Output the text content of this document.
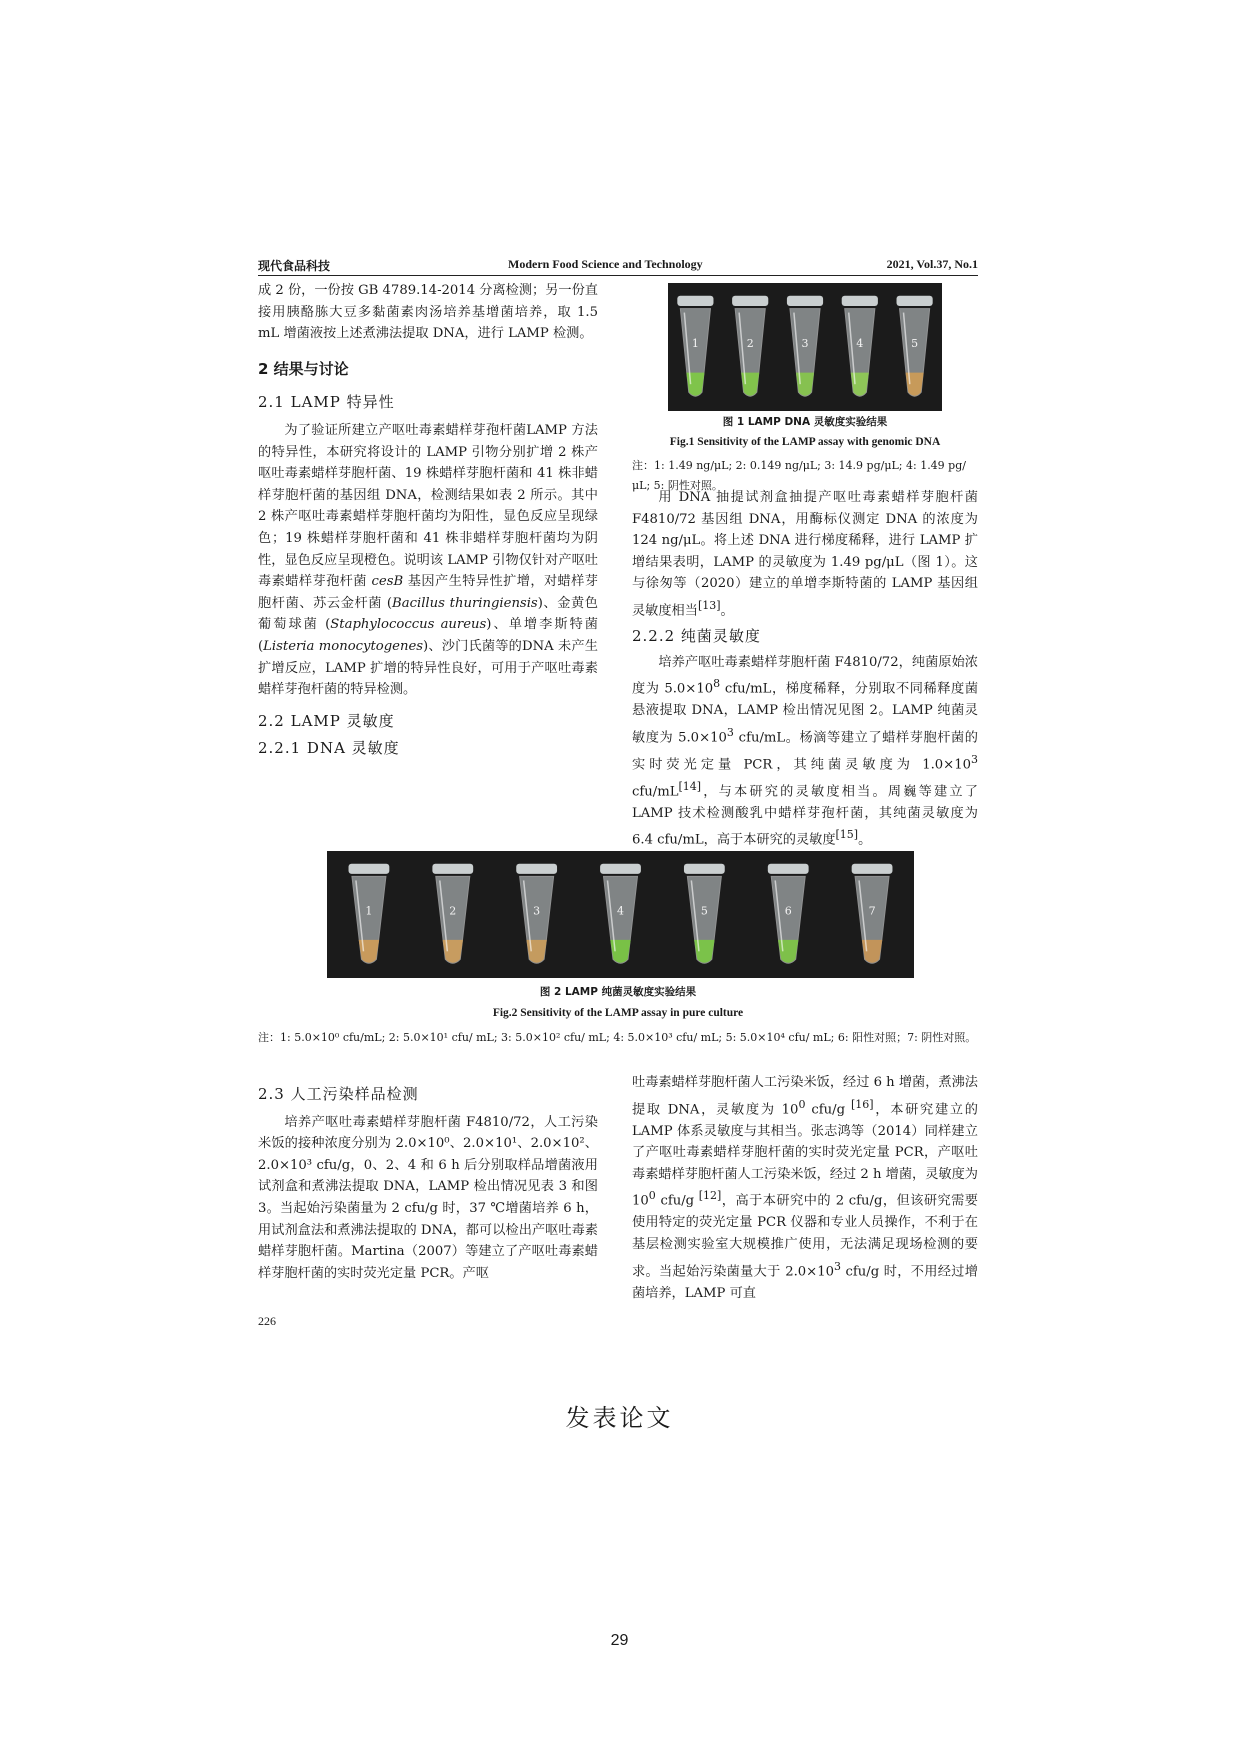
现代食品科技	Modern Food Science and Technology	2021, Vol.37, No.1

成 2 份，一份按 GB 4789.14-2014 分离检测；另一份直接用胰酪胨大豆多黏菌素肉汤培养基增菌培养，取 1.5 mL 增菌液按上述煮沸法提取 DNA，进行 LAMP 检测。

2 结果与讨论
2.1 LAMP 特异性

为了验证所建立产呕吐毒素蜡样芽孢杆菌LAMP 方法的特异性，本研究将设计的 LAMP 引物分别扩增 2 株产呕吐毒素蜡样芽胞杆菌、19 株蜡样芽胞杆菌和 41 株非蜡样芽胞杆菌的基因组 DNA，检测结果如表 2 所示。其中 2 株产呕吐毒素蜡样芽胞杆菌均为阳性，显色反应呈现绿色；19 株蜡样芽胞杆菌和 41 株非蜡样芽胞杆菌均为阴性，显色反应呈现橙色。说明该 LAMP 引物仅针对产呕吐毒素蜡样芽孢杆菌 cesB 基因产生特异性扩增，对蜡样芽胞杆菌、苏云金杆菌 (Bacillus thuringiensis)、金黄色葡萄球菌 (Staphylococcus aureus)、单增李斯特菌 (Listeria monocytogenes)、沙门氏菌等的DNA 未产生扩增反应，LAMP 扩增的特异性良好，可用于产呕吐毒素蜡样芽孢杆菌的特异检测。

2.2 LAMP 灵敏度
2.2.1 DNA 灵敏度
1	2	3	4	5
图 1 LAMP DNA 灵敏度实验结果
Fig.1 Sensitivity of the LAMP assay with genomic DNA
注：1: 1.49 ng/μL; 2: 0.149 ng/μL; 3: 14.9 pg/μL; 4: 1.49 pg/μL; 5: 阴性对照。

用 DNA 抽提试剂盒抽提产呕吐毒素蜡样芽胞杆菌 F4810/72 基因组 DNA，用酶标仪测定 DNA 的浓度为 124 ng/μL。将上述 DNA 进行梯度稀释，进行 LAMP 扩增结果表明，LAMP 的灵敏度为 1.49 pg/μL（图 1）。这与徐匆等（2020）建立的单增李斯特菌的 LAMP 基因组灵敏度相当[13]。

2.2.2 纯菌灵敏度

培养产呕吐毒素蜡样芽胞杆菌 F4810/72，纯菌原始浓度为 $5.0\times 10^8$ cfu/mL，梯度稀释，分别取不同稀释度菌悬液提取 DNA，LAMP 检出情况见图 2。LAMP 纯菌灵敏度为 $5.0\times 10^3$ cfu/mL。杨滴等建立了蜡样芽胞杆菌的实时荧光定量 PCR，其纯菌灵敏度为 $1.0\times 10^3$ cfu/mL[14]，与本研究的灵敏度相当。周巍等建立了 LAMP 技术检测酸乳中蜡样芽孢杆菌，其纯菌灵敏度为 6.4 cfu/mL，高于本研究的灵敏度[15]。

1	2	3	4	5	6	7
图 2 LAMP 纯菌灵敏度实验结果
Fig.2 Sensitivity of the LAMP assay in pure culture
注：1: 5.0×10⁰ cfu/mL; 2: 5.0×10¹ cfu/ mL; 3: 5.0×10² cfu/ mL; 4: 5.0×10³ cfu/ mL; 5: 5.0×10⁴ cfu/ mL; 6: 阳性对照；7: 阴性对照。
2.3 人工污染样品检测

培养产呕吐毒素蜡样芽胞杆菌 F4810/72，人工污染米饭的接种浓度分别为 2.0×10⁰、2.0×10¹、2.0×10²、2.0×10³ cfu/g，0、2、4 和 6 h 后分别取样品增菌液用试剂盒和煮沸法提取 DNA，LAMP 检出情况见表 3 和图 3。当起始污染菌量为 2 cfu/g 时，37 ℃增菌培养 6 h，用试剂盒法和煮沸法提取的 DNA，都可以检出产呕吐毒素蜡样芽胞杆菌。Martina（2007）等建立了产呕吐毒素蜡样芽胞杆菌的实时荧光定量 PCR。产呕

吐毒素蜡样芽胞杆菌人工污染米饭，经过 6 h 增菌，煮沸法提取 DNA，灵敏度为 $10^0$ cfu/g [16]，本研究建立的 LAMP 体系灵敏度与其相当。张志鸿等（2014）同样建立了产呕吐毒素蜡样芽胞杆菌的实时荧光定量 PCR，产呕吐毒素蜡样芽胞杆菌人工污染米饭，经过 2 h 增菌，灵敏度为 $10^0$ cfu/g [12]，高于本研究中的 2 cfu/g，但该研究需要使用特定的荧光定量 PCR 仪器和专业人员操作，不利于在基层检测实验室大规模推广使用，无法满足现场检测的要求。当起始污染菌量大于 $2.0\times 10^3$ cfu/g 时，不用经过增菌培养，LAMP 可直

226
发表论文
29
